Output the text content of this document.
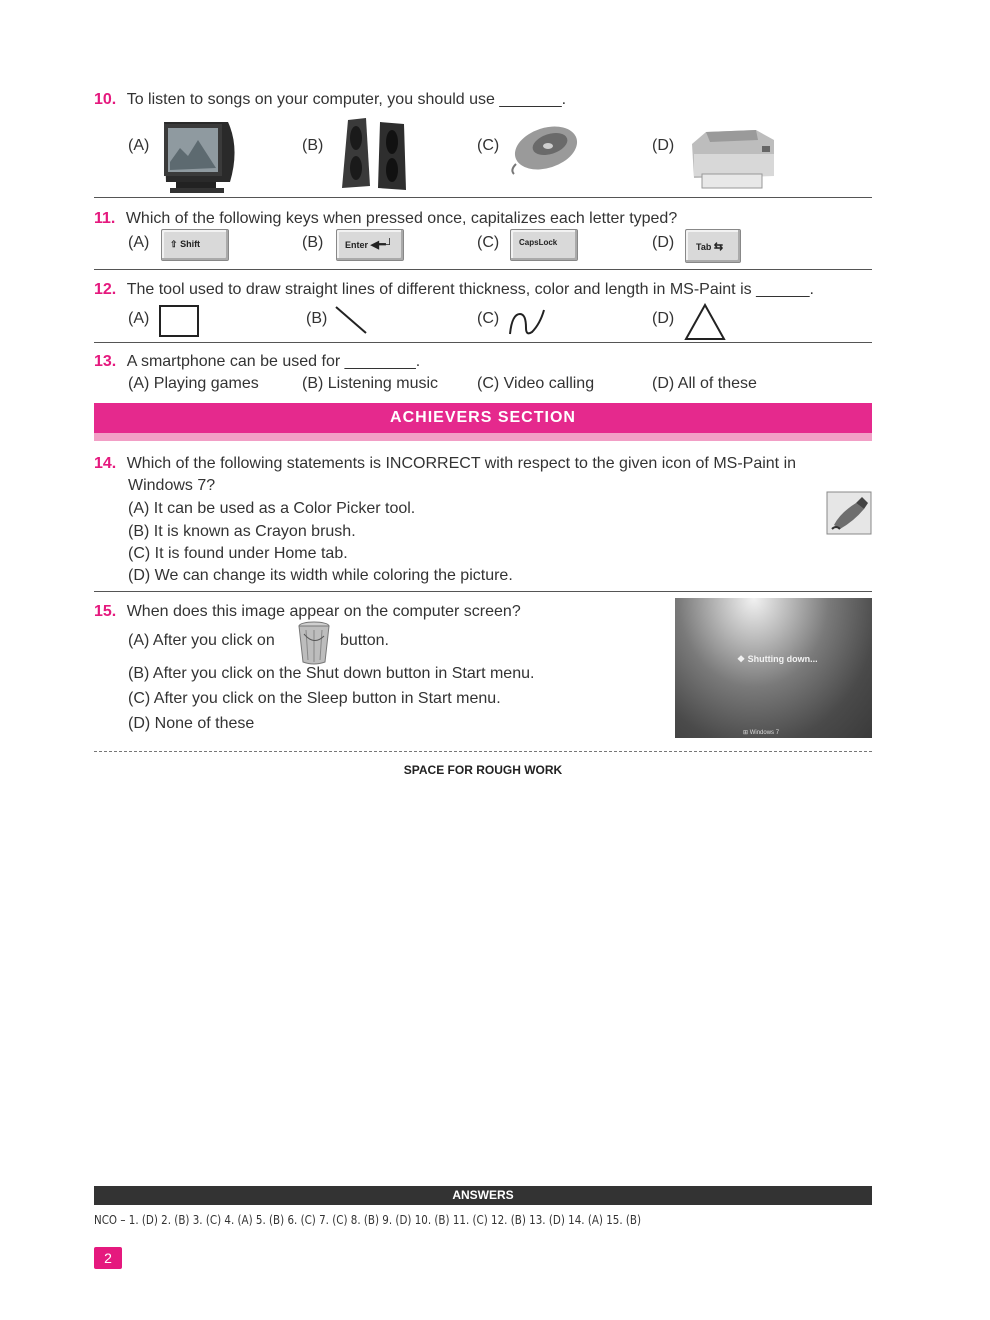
10. To listen to songs on your computer, you should use _______.
(A)	(B)	(C)	(D)
11. Which of the following keys when pressed once, capitalizes each letter typed?
(A)	⇧ Shift	(B)	Enter ◀━┘	(C)	CapsLock	(D)	Tab ⇆
12. The tool used to draw straight lines of different thickness, color and length in MS-Paint is ______.
(A)	(B)	(C)	(D)
13. A smartphone can be used for ________.
(A) Playing games	(B) Listening music (C) Video calling	(D) All of these
ACHIEVERS SECTION
14. Which of the following statements is INCORRECT with respect to the given icon of MS-Paint in
Windows 7?
(A) It can be used as a Color Picker tool.
(B) It is known as Crayon brush.
(C) It is found under Home tab.
(D) We can change its width while coloring the picture.
15. When does this image appear on the computer screen?
(A) After you click on	button.
(B) After you click on the Shut down button in Start menu.
(C) After you click on the Sleep button in Start menu.
(D) None of these
❖ Shutting down...
⊞ Windows 7
SPACE FOR ROUGH WORK
ANSWERS
NCO – 1. (D) 2. (B) 3. (C) 4. (A) 5. (B) 6. (C) 7. (C) 8. (B) 9. (D) 10. (B) 11. (C) 12. (B) 13. (D) 14. (A) 15. (B)
2
